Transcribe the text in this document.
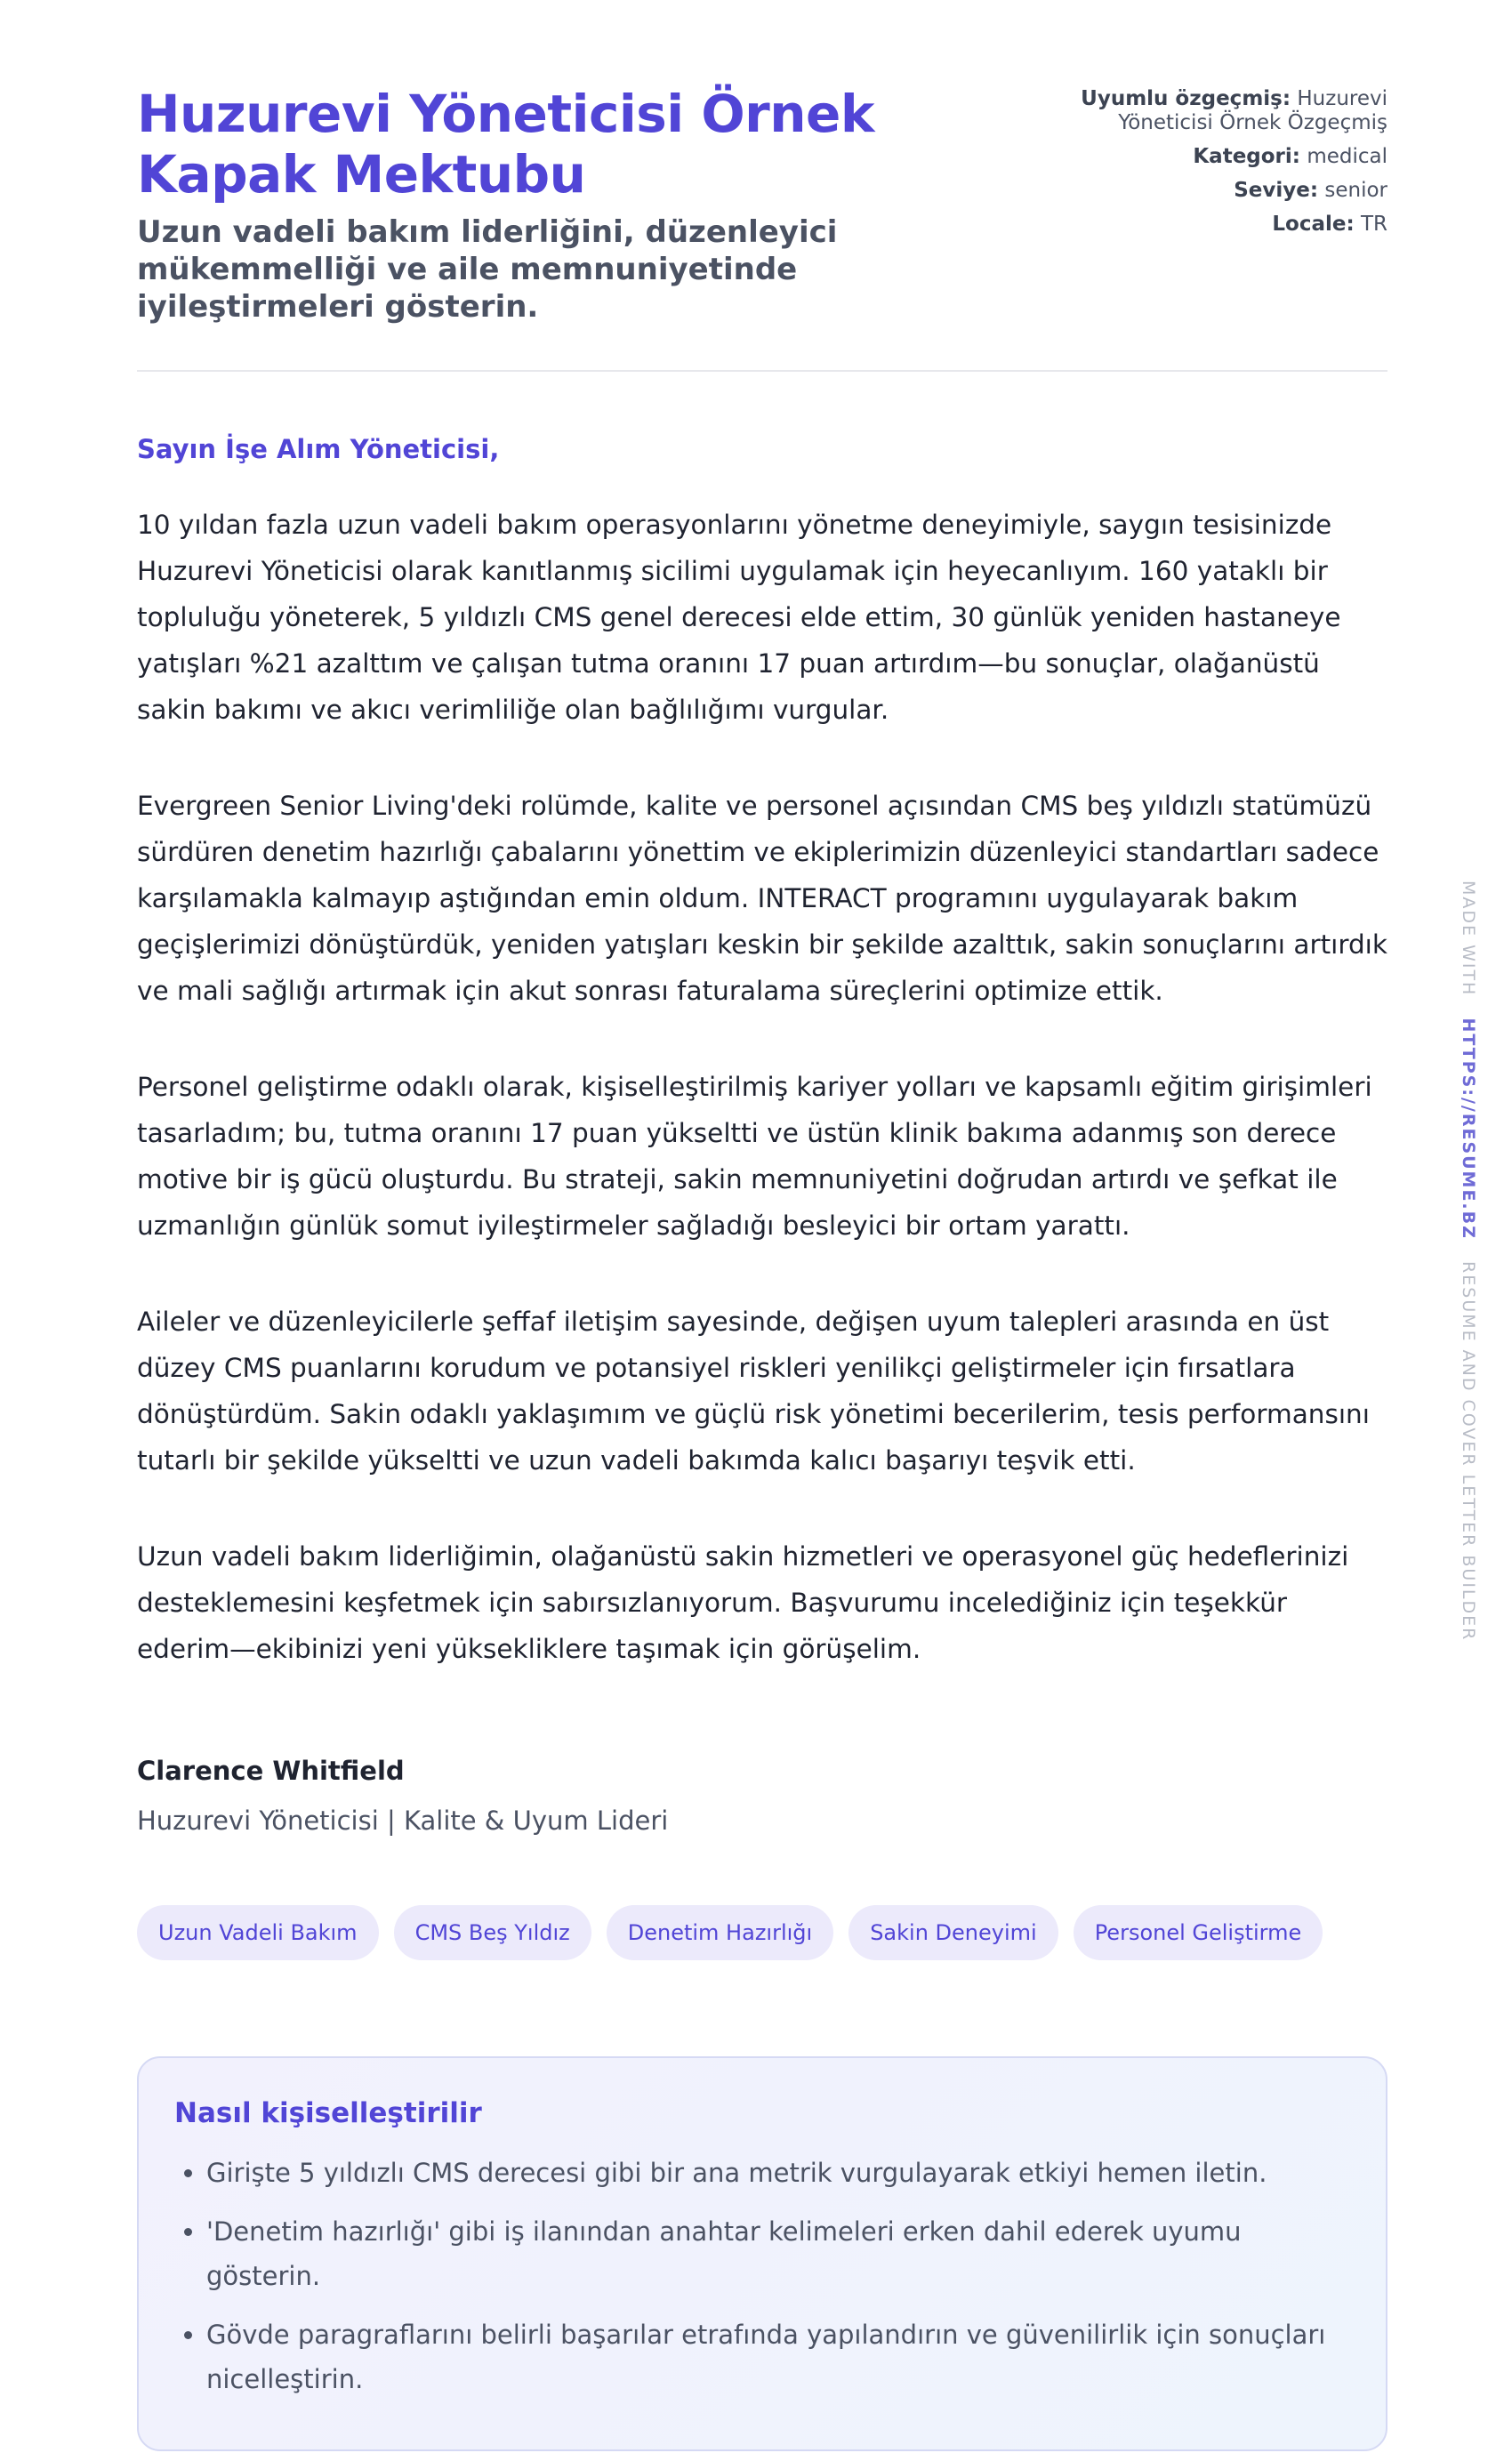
Huzurevi Yöneticisi Örnek Kapak Mektubu

Uzun vadeli bakım liderliğini, düzenleyici mükemmelliği ve aile memnuniyetinde iyileştirmeleri gösterin.

Uyumlu özgeçmiş: Huzurevi Yöneticisi Örnek Özgeçmiş
Kategori: medical
Seviye: senior
Locale: TR
Sayın İşe Alım Yöneticisi,

10 yıldan fazla uzun vadeli bakım operasyonlarını yönetme deneyimiyle, saygın tesisinizde Huzurevi Yöneticisi olarak kanıtlanmış sicilimi uygulamak için heyecanlıyım. 160 yataklı bir topluluğu yöneterek, 5 yıldızlı CMS genel derecesi elde ettim, 30 günlük yeniden hastaneye yatışları %21 azalttım ve çalışan tutma oranını 17 puan artırdım—bu sonuçlar, olağanüstü sakin bakımı ve akıcı verimliliğe olan bağlılığımı vurgular.

Evergreen Senior Living'deki rolümde, kalite ve personel açısından CMS beş yıldızlı statümüzü sürdüren denetim hazırlığı çabalarını yönettim ve ekiplerimizin düzenleyici standartları sadece karşılamakla kalmayıp aştığından emin oldum. INTERACT programını uygulayarak bakım geçişlerimizi dönüştürdük, yeniden yatışları keskin bir şekilde azalttık, sakin sonuçlarını artırdık ve mali sağlığı artırmak için akut sonrası faturalama süreçlerini optimize ettik.

Personel geliştirme odaklı olarak, kişiselleştirilmiş kariyer yolları ve kapsamlı eğitim girişimleri tasarladım; bu, tutma oranını 17 puan yükseltti ve üstün klinik bakıma adanmış son derece motive bir iş gücü oluşturdu. Bu strateji, sakin memnuniyetini doğrudan artırdı ve şefkat ile uzmanlığın günlük somut iyileştirmeler sağladığı besleyici bir ortam yarattı.

Aileler ve düzenleyicilerle şeffaf iletişim sayesinde, değişen uyum talepleri arasında en üst düzey CMS puanlarını korudum ve potansiyel riskleri yenilikçi geliştirmeler için fırsatlara dönüştürdüm. Sakin odaklı yaklaşımım ve güçlü risk yönetimi becerilerim, tesis performansını tutarlı bir şekilde yükseltti ve uzun vadeli bakımda kalıcı başarıyı teşvik etti.

Uzun vadeli bakım liderliğimin, olağanüstü sakin hizmetleri ve operasyonel güç hedeflerinizi desteklemesini keşfetmek için sabırsızlanıyorum. Başvurumu incelediğiniz için teşekkür ederim—ekibinizi yeni yüksekliklere taşımak için görüşelim.

Clarence Whitfield
Huzurevi Yöneticisi | Kalite & Uyum Lideri
Uzun Vadeli Bakım	CMS Beş Yıldız	Denetim Hazırlığı	Sakin Deneyimi	Personel Geliştirme
Nasıl kişiselleştirilir
• Girişte 5 yıldızlı CMS derecesi gibi bir ana metrik vurgulayarak etkiyi hemen iletin.
• 'Denetim hazırlığı' gibi iş ilanından anahtar kelimeleri erken dahil ederek uyumu gösterin.
• Gövde paragraflarını belirli başarılar etrafında yapılandırın ve güvenilirlik için sonuçları nicelleştirin.
MADE WITH   HTTPS://RESUME.BZ   RESUME AND COVER LETTER BUILDER
